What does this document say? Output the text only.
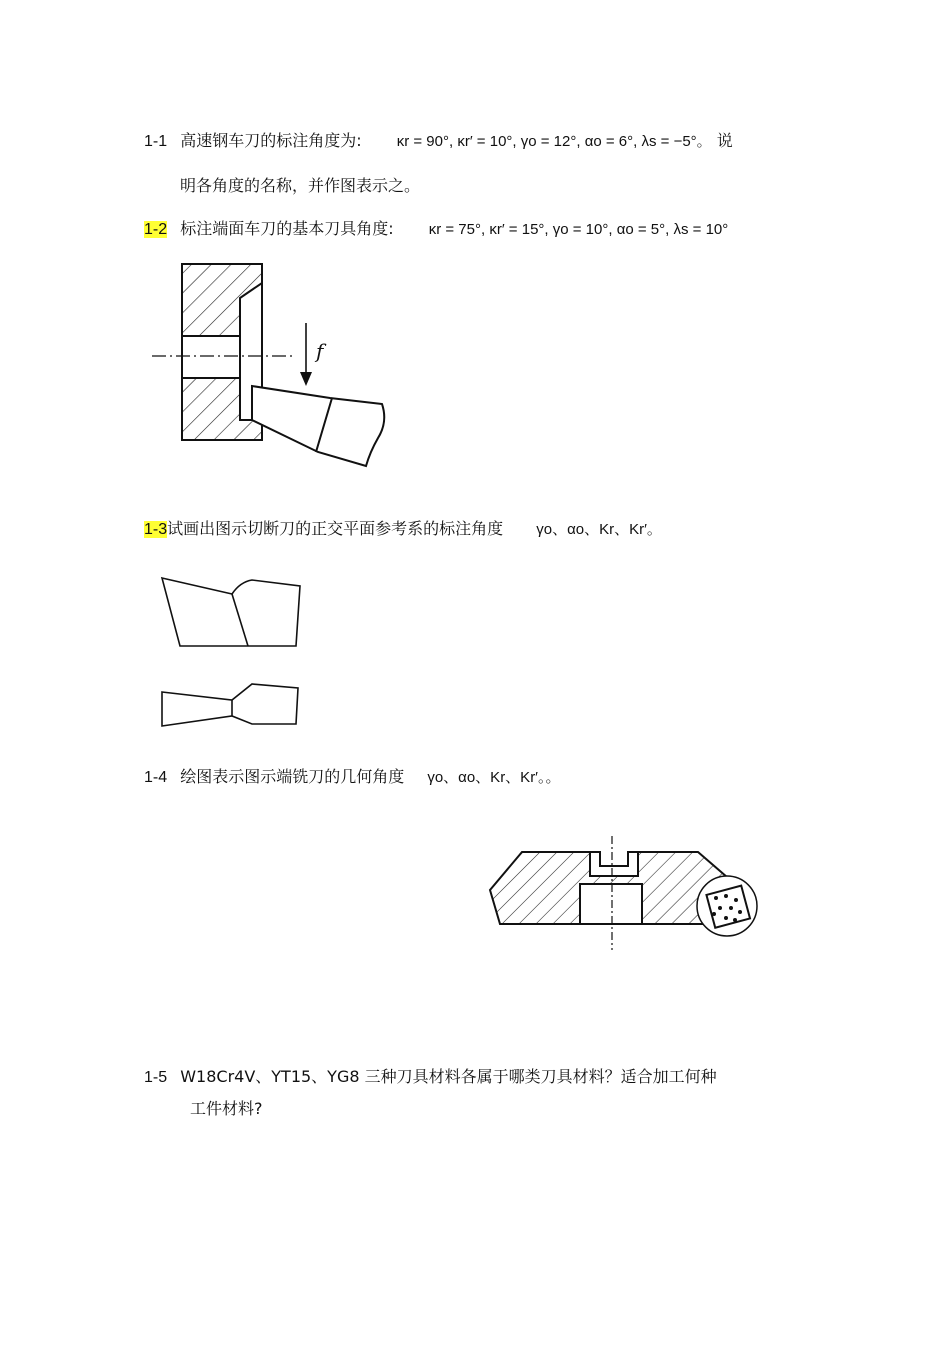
1-1 高速钢车刀的标注角度为: κr = 90°, κr′ = 10°, γo = 12°, αo = 6°, λs = −5°。 说
明各角度的名称，并作图表示之。
1-2 标注端面车刀的基本刀具角度: κr = 75°, κr′ = 15°, γo = 10°, αo = 5°, λs = 10°
f
1-3试画出图示切断刀的正交平面参考系的标注角度 γo、αo、Kr、Kr′。
1-4 绘图表示图示端铣刀的几何角度 γo、αo、Kr、Kr′。。
1-5 W18Cr4V、YT15、YG8 三种刀具材料各属于哪类刀具材料？适合加工何种
工件材料?
